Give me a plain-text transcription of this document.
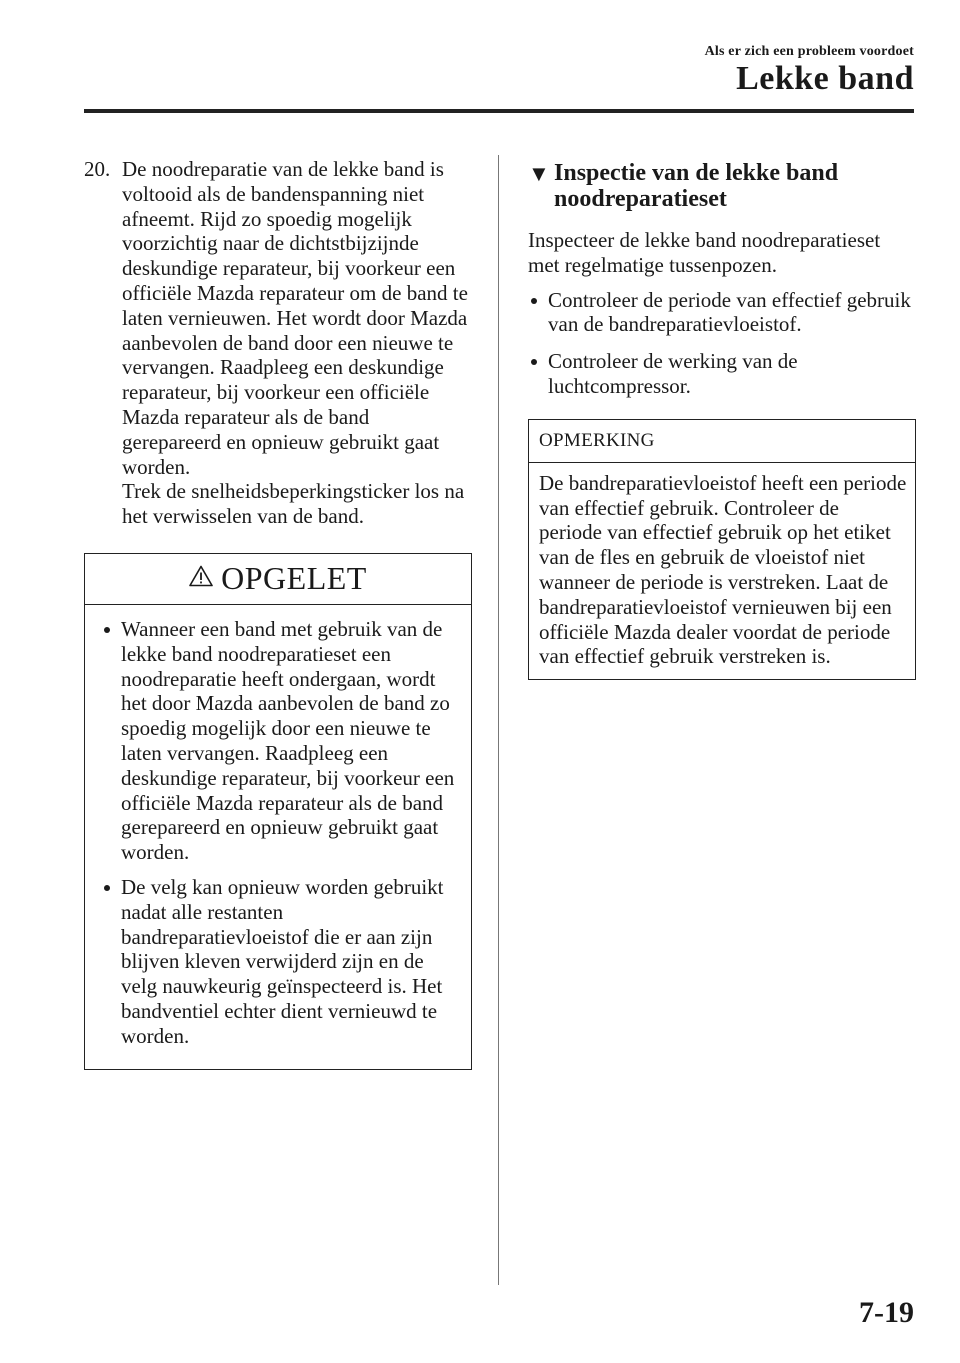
Als er zich een probleem voordoet
Lekke band
20. De noodreparatie van de lekke band is voltooid als de bandenspanning niet afneemt. Rijd zo spoedig mogelijk voorzichtig naar de dichtstbijzijnde deskundige reparateur, bij voorkeur een officiële Mazda reparateur om de band te laten vernieuwen. Het wordt door Mazda aanbevolen de band door een nieuwe te vervangen. Raadpleeg een deskundige reparateur, bij voorkeur een officiële Mazda reparateur als de band gerepareerd en opnieuw gebruikt gaat worden.

Trek de snelheidsbeperkingsticker los na het verwisselen van de band.

OPGELET
Wanneer een band met gebruik van de lekke band noodreparatieset een noodreparatie heeft ondergaan, wordt het door Mazda aanbevolen de band zo spoedig mogelijk door een nieuwe te laten vervangen. Raadpleeg een deskundige reparateur, bij voorkeur een officiële Mazda reparateur als de band gerepareerd en opnieuw gebruikt gaat worden.
De velg kan opnieuw worden gebruikt nadat alle restanten bandreparatievloeistof die er aan zijn blijven kleven verwijderd zijn en de velg nauwkeurig geïnspecteerd is. Het bandventiel echter dient vernieuwd te worden.
▼ Inspectie van de lekke band noodreparatieset

Inspecteer de lekke band noodreparatieset met regelmatige tussenpozen.

Controleer de periode van effectief gebruik van de bandreparatievloeistof.
Controleer de werking van de luchtcompressor.
OPMERKING
De bandreparatievloeistof heeft een periode van effectief gebruik. Controleer de periode van effectief gebruik op het etiket van de fles en gebruik de vloeistof niet wanneer de periode is verstreken. Laat de bandreparatievloeistof vernieuwen bij een officiële Mazda dealer voordat de periode van effectief gebruik verstreken is.
7-19
